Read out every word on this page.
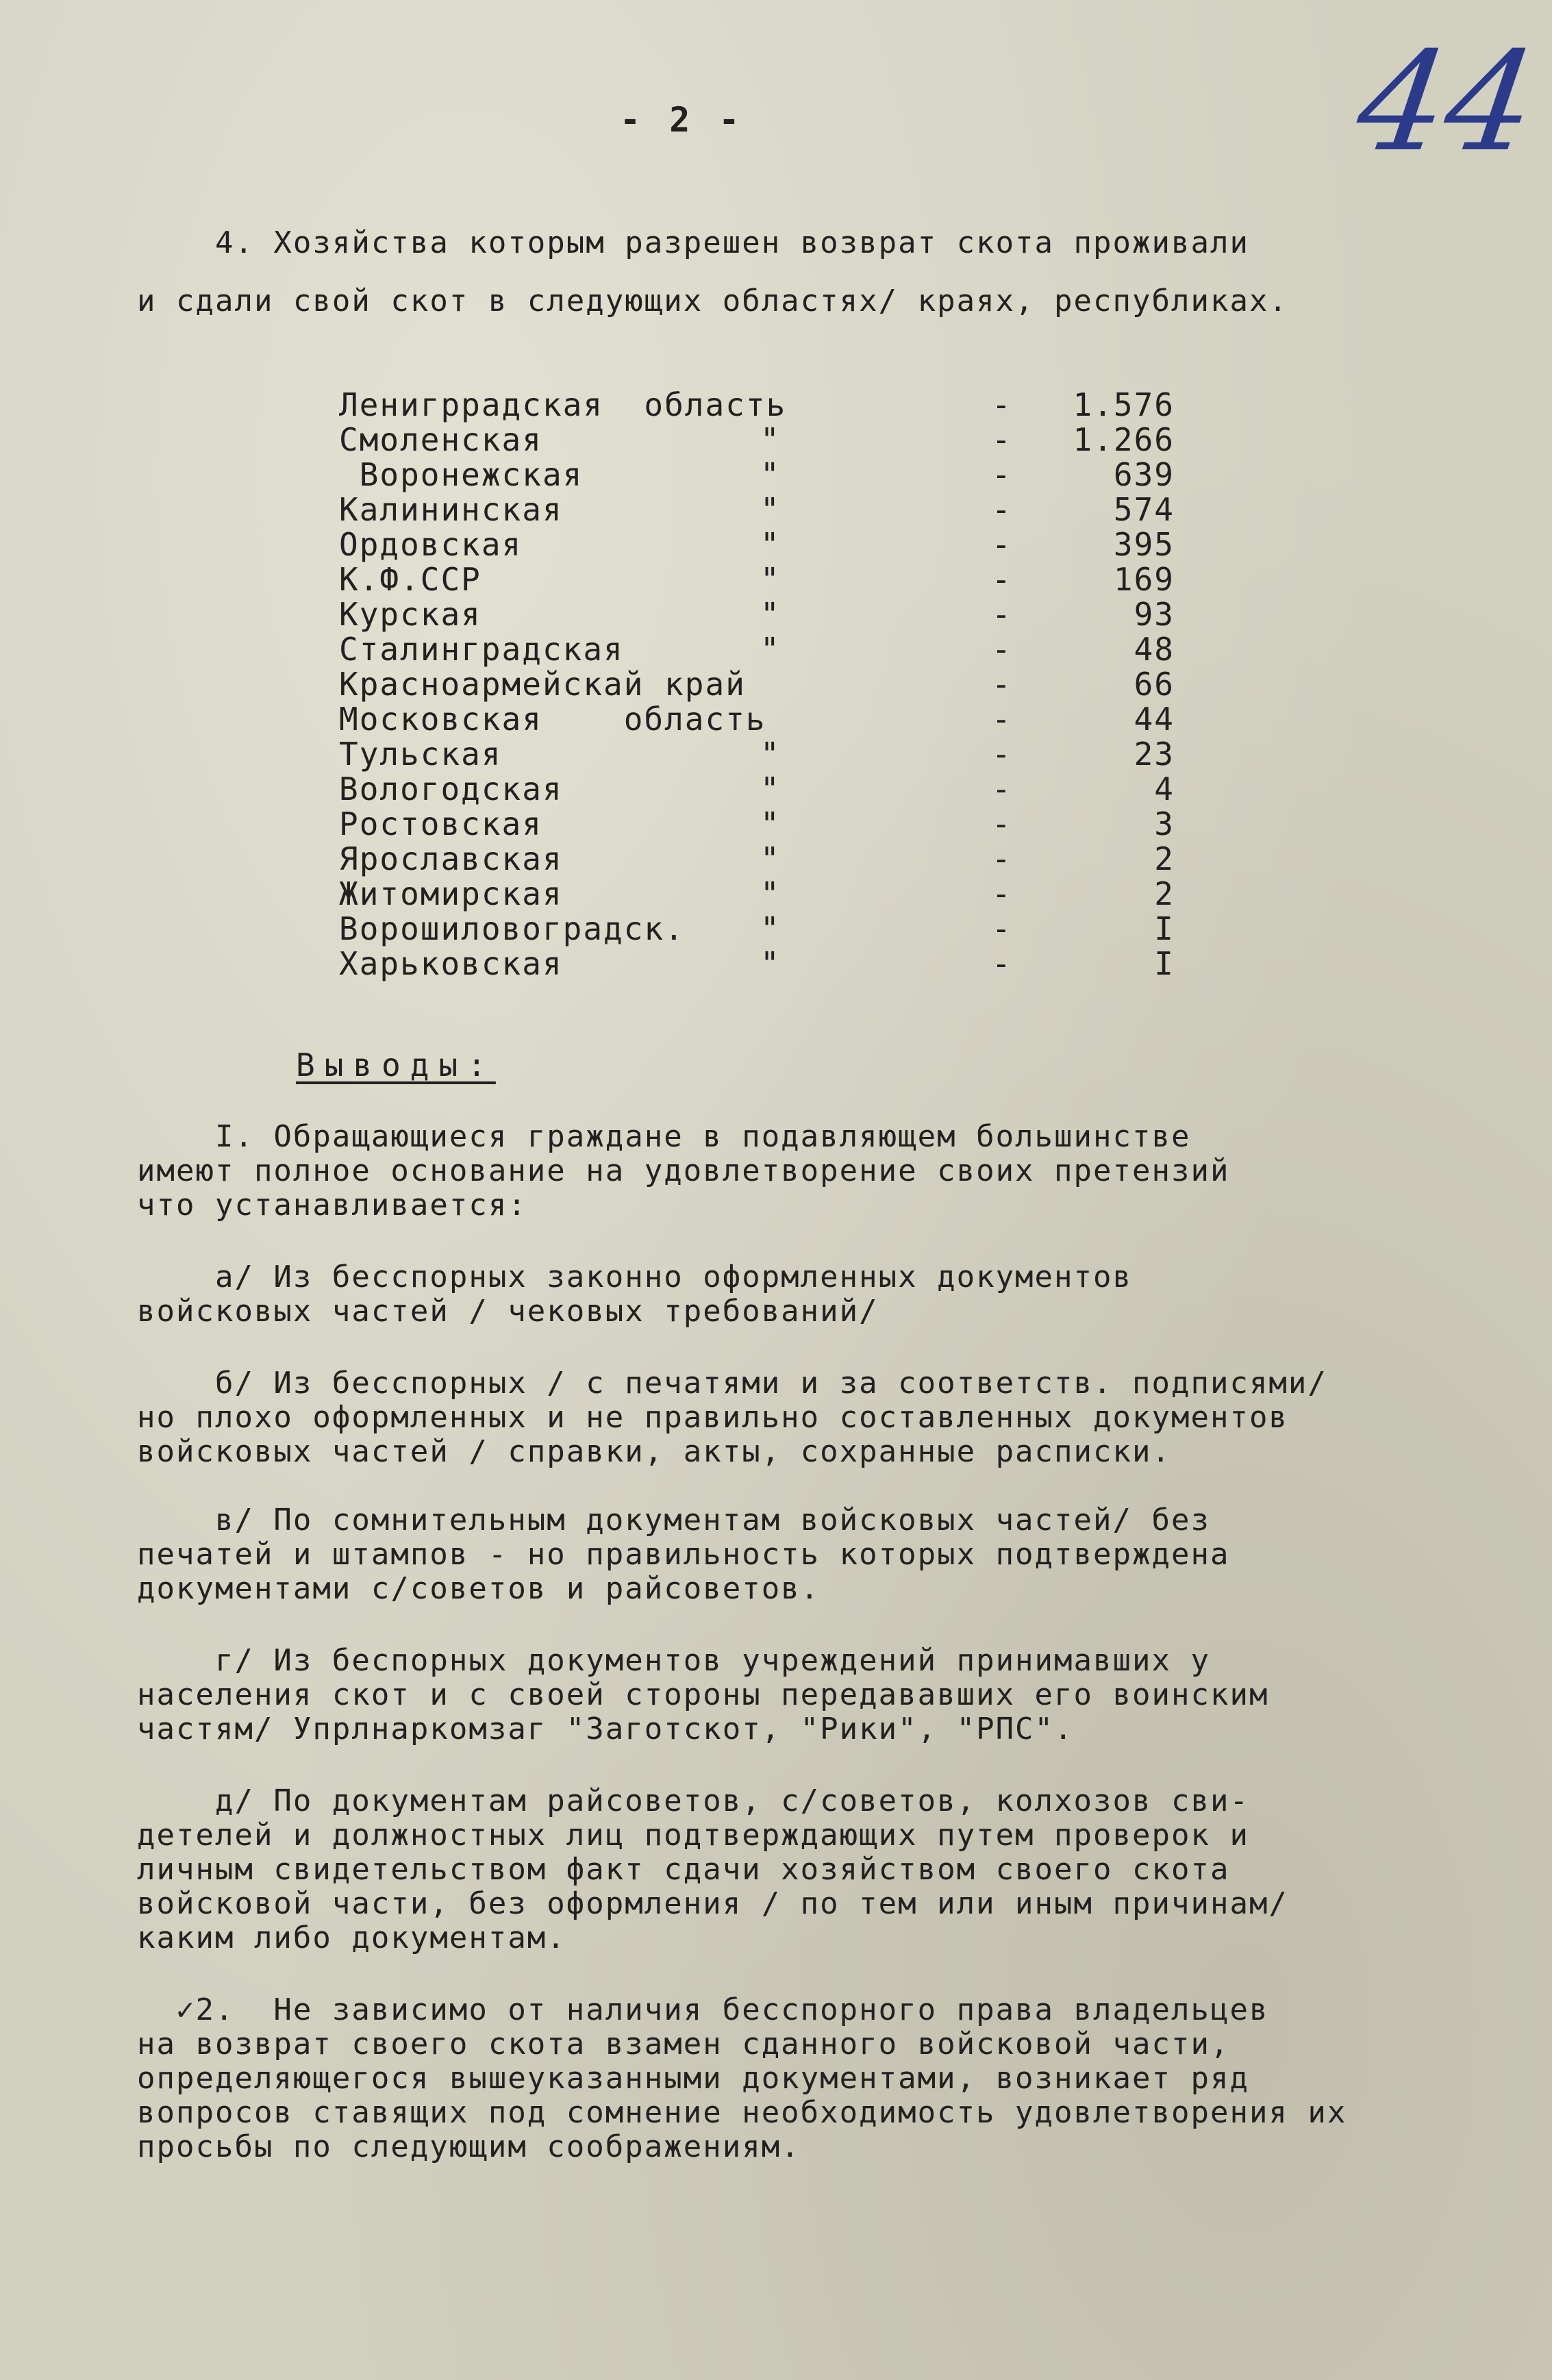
44
- 2 -
4. Хозяйства которым разрешен возврат скота проживали
и сдали свой скот в следующих областях/ краях, республиках.
Ленигррадская  область	-	1.576
Смоленская	"	-	1.266
Воронежская	"	-	639
Калининская	"	-	574
Ордовская	"	-	395
К.Ф.ССР	"	-	169
Курская	"	-	93
Сталинградская	"	-	48
Красноармейскай край	-	66
Московская    область	-	44
Тульская	"	-	23
Вологодская	"	-	4
Ростовская	"	-	3
Ярославская	"	-	2
Житомирская	"	-	2
Ворошиловоградск. "	-	I
Харьковская	"	-	I
Выводы:
I. Обращающиеся граждане в подавляющем большинстве
имеют полное основание на удовлетворение своих претензий
что устанавливается:
а/ Из бесспорных законно оформленных документов
войсковых частей / чековых требований/
б/ Из бесспорных / с печатями и за соответств. подписями/
но плохо оформленных и не правильно составленных документов
войсковых частей / справки, акты, сохранные расписки.
в/ По сомнительным документам войсковых частей/ без
печатей и штампов - но правильность которых подтверждена
документами с/советов и райсоветов.
г/ Из беспорных документов учреждений принимавших у
населения скот и с своей стороны передававших его воинским
частям/ Упрлнаркомзаг "Заготскот, "Рики", "РПС".
д/ По документам райсоветов, с/советов, колхозов сви-
детелей и должностных лиц подтверждающих путем проверок и
личным свидетельством факт сдачи хозяйством своего скота
войсковой части, без оформления / по тем или иным причинам/
каким либо документам.
✓2.  Не зависимо от наличия бесспорного права владельцев
на возврат своего скота взамен сданного войсковой части,
определяющегося вышеуказанными документами, возникает ряд
вопросов ставящих под сомнение необходимость удовлетворения их
просьбы по следующим соображениям.
